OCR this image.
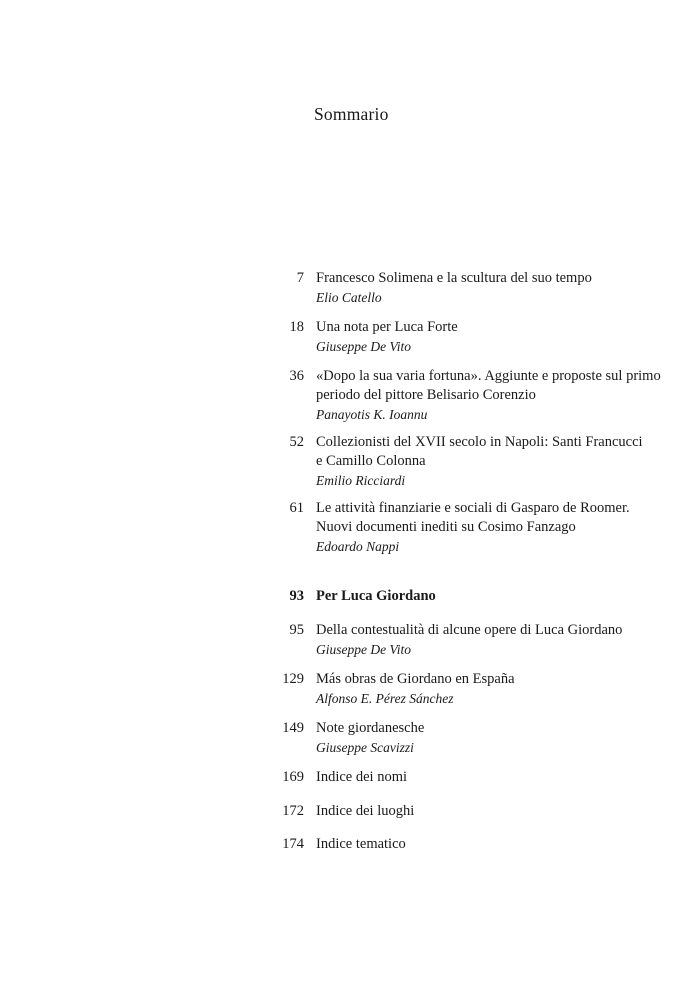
Sommario
7 Francesco Solimena e la scultura del suo tempo
Elio Catello
18 Una nota per Luca Forte
Giuseppe De Vito
36 «Dopo la sua varia fortuna». Aggiunte e proposte sul primo
periodo del pittore Belisario Corenzio
Panayotis K. Ioannu
52 Collezionisti del XVII secolo in Napoli: Santi Francucci
e Camillo Colonna
Emilio Ricciardi
61 Le attività finanziarie e sociali di Gasparo de Roomer.
Nuovi documenti inediti su Cosimo Fanzago
Edoardo Nappi
93 Per Luca Giordano
95 Della contestualità di alcune opere di Luca Giordano
Giuseppe De Vito
129 Más obras de Giordano en España
Alfonso E. Pérez Sánchez
149 Note giordanesche
Giuseppe Scavizzi
169 Indice dei nomi
172 Indice dei luoghi
174 Indice tematico
